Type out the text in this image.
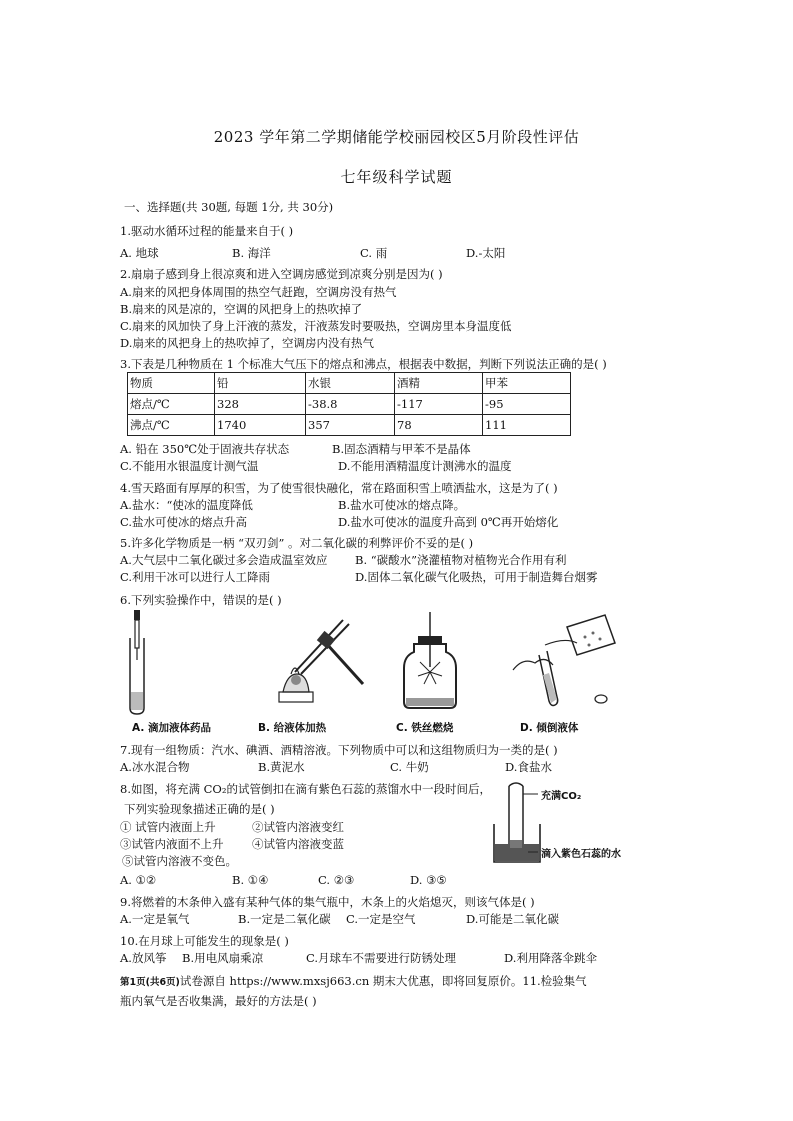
2023 学年第二学期储能学校丽园校区5月阶段性评估
七年级科学试题
一、选择题(共 30题, 每题 1分, 共 30分)
1.驱动水循环过程的能量来自于( )
A. 地球	B. 海洋	C. 雨	D.-太阳
2.扇扇子感到身上很凉爽和进入空调房感觉到凉爽分别是因为( )
A.扇来的风把身体周围的热空气赶跑，空调房没有热气
B.扇来的风是凉的，空调的风把身上的热吹掉了
C.扇来的风加快了身上汗液的蒸发，汗液蒸发时要吸热，空调房里本身温度低
D.扇来的风把身上的热吹掉了，空调房内没有热气
3.下表是几种物质在 1 个标准大气压下的熔点和沸点，根据表中数据，判断下列说法正确的是( )
物质	铅	水银	酒精	甲苯
熔点/℃	328	-38.8	-117	-95
沸点/℃	1740	357	78	111
A. 铅在 350℃处于固液共存状态	B.固态酒精与甲苯不是晶体
C.不能用水银温度计测气温	D.不能用酒精温度计测沸水的温度
4.雪天路面有厚厚的积雪，为了使雪很快融化，常在路面积雪上喷洒盐水，这是为了( )
A.盐水：“使冰的温度降低	B.盐水可使冰的熔点降。
C.盐水可使冰的熔点升高	D.盐水可使冰的温度升高到 0℃再开始熔化
5.许多化学物质是一柄 “双刃剑” 。对二氧化碳的利弊评价不妥的是( )
A.大气层中二氧化碳过多会造成温室效应 B. “碳酸水”浇灌植物对植物光合作用有利
C.利用干冰可以进行人工降雨	D.固体二氧化碳气化吸热，可用于制造舞台烟雾
6.下列实验操作中，错误的是( )
A. 滴加液体药品	B. 给液体加热	C. 铁丝燃烧	D. 倾倒液体
7.现有一组物质：汽水、碘酒、酒精溶液。下列物质中可以和这组物质归为一类的是( )
A.冰水混合物	B.黄泥水	C. 牛奶	D.食盐水
8.如图，将充满 CO₂的试管倒扣在滴有紫色石蕊的蒸馏水中一段时间后，
下列实验现象描述正确的是( )
① 试管内液面上升	②试管内溶液变红
③试管内液面不上升 ④试管内溶液变蓝
⑤试管内溶液不变色。
A. ①②	B. ①④	C. ②③	D. ③⑤
充满CO₂
滴入紫色石蕊的水
9.将燃着的木条伸入盛有某种气体的集气瓶中，木条上的火焰熄灭，则该气体是( )
A.一定是氧气	B.一定是二氧化碳 C.一定是空气	D.可能是二氧化碳
10.在月球上可能发生的现象是( )
A.放风筝 B.用电风扇乘凉	C.月球车不需要进行防锈处理	D.利用降落伞跳伞
第1页(共6页)试卷源自 https://www.mxsj663.cn 期末大优惠，即将回复原价。11.检验集气
瓶内氧气是否收集满，最好的方法是( )
